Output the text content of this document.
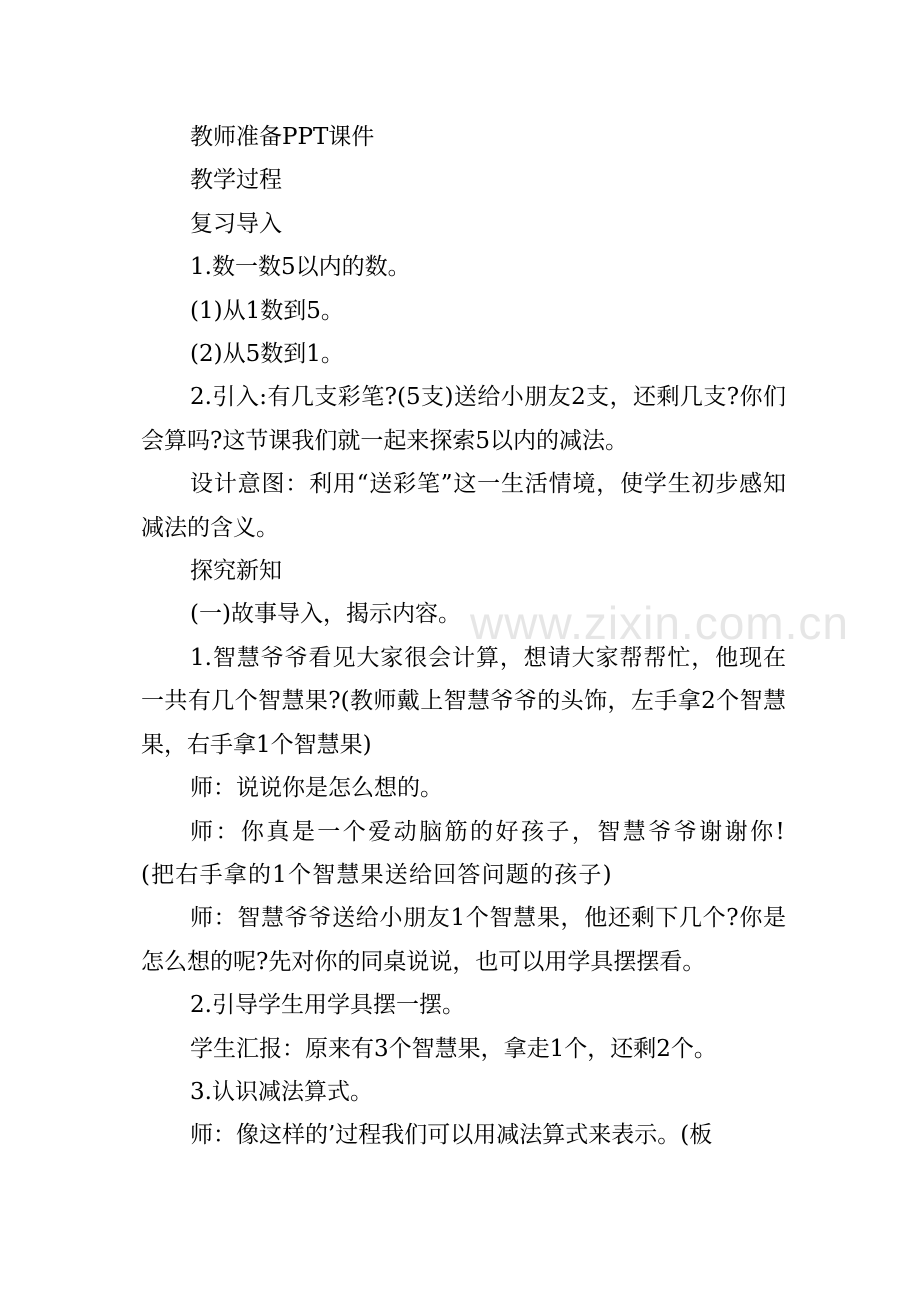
www.zixin.com.cn

教师准备PPT课件

教学过程

复习导入

1.数一数5以内的数。

(1)从1数到5。

(2)从5数到1。

2.引入:有几支彩笔?(5支)送给小朋友2支，还剩几支?你们会算吗?这节课我们就一起来探索5以内的减法。

设计意图：利用“送彩笔”这一生活情境，使学生初步感知减法的含义。

探究新知

(一)故事导入，揭示内容。

1.智慧爷爷看见大家很会计算，想请大家帮帮忙，他现在一共有几个智慧果?(教师戴上智慧爷爷的头饰，左手拿2个智慧果，右手拿1个智慧果)

师：说说你是怎么想的。

师：你真是一个爱动脑筋的好孩子，智慧爷爷谢谢你!(把右手拿的1个智慧果送给回答问题的孩子)

师：智慧爷爷送给小朋友1个智慧果，他还剩下几个?你是怎么想的呢?先对你的同桌说说，也可以用学具摆摆看。

2.引导学生用学具摆一摆。

学生汇报：原来有3个智慧果，拿走1个，还剩2个。

3.认识减法算式。

师：像这样的’过程我们可以用减法算式来表示。(板
